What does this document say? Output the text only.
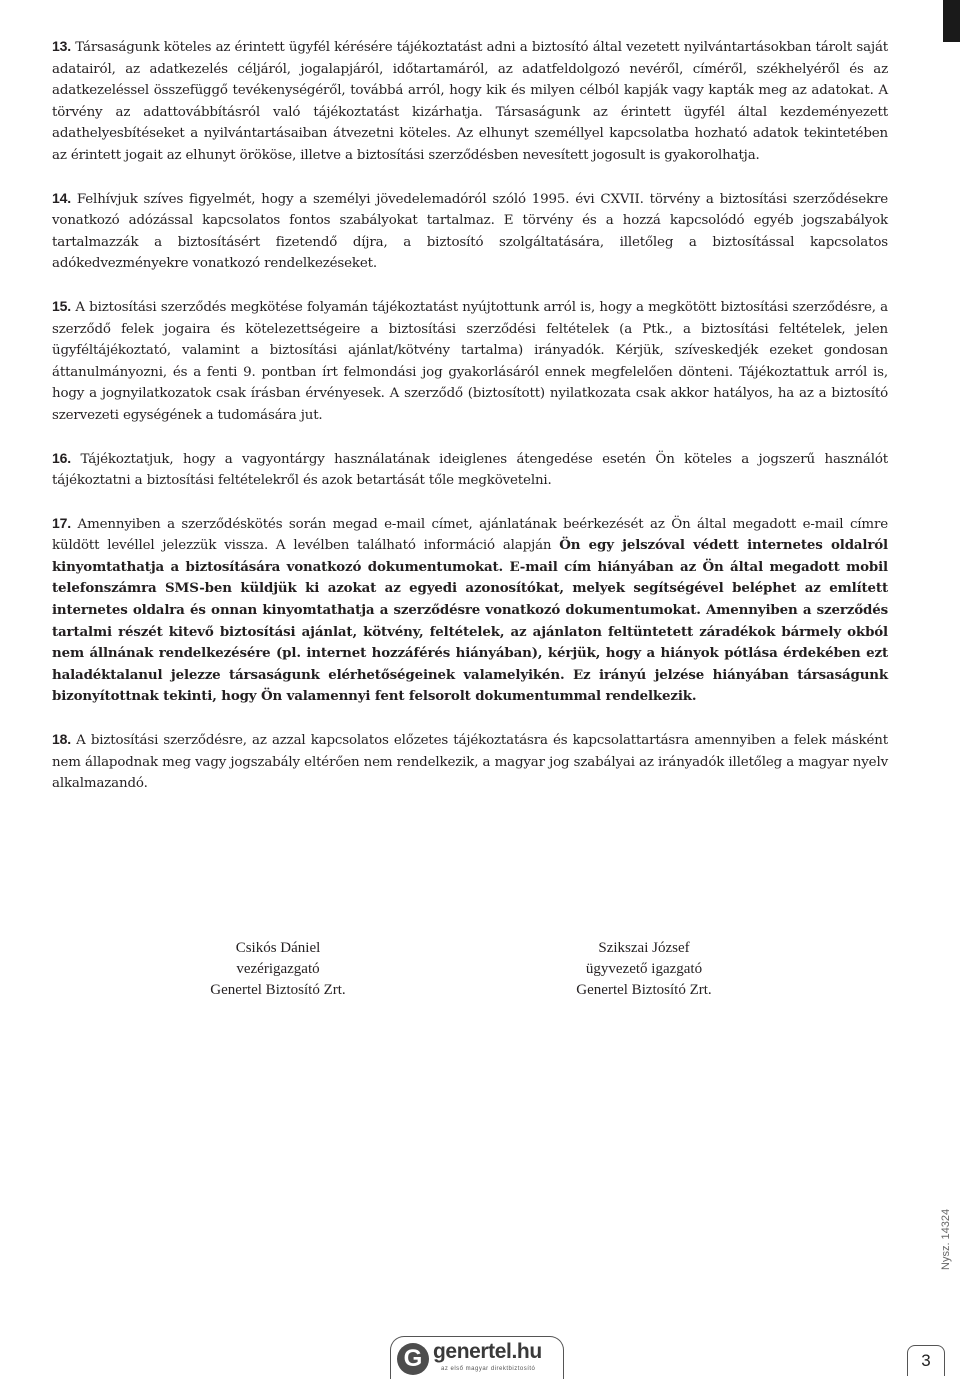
13. Társaságunk köteles az érintett ügyfél kérésére tájékoztatást adni a biztosító által vezetett nyilvántartásokban tárolt saját adatairól, az adatkezelés céljáról, jogalapjáról, időtartamáról, az adatfeldolgozó nevéről, címéről, székhelyéről és az adatkezeléssel összefüggő tevékenységéről, továbbá arról, hogy kik és milyen célból kapják vagy kapták meg az adatokat. A törvény az adattovábbításról való tájékoztatást kizárhatja. Társaságunk az érintett ügyfél által kezdeményezett adathelyesbítéseket a nyilvántartásaiban átvezetni köteles. Az elhunyt személlyel kapcsolatba hozható adatok tekintetében az érintett jogait az elhunyt örököse, illetve a biztosítási szerződésben nevesített jogosult is gyakorolhatja.

14. Felhívjuk szíves figyelmét, hogy a személyi jövedelemadóról szóló 1995. évi CXVII. törvény a biztosítási szerződésekre vonatkozó adózással kapcsolatos fontos szabályokat tartalmaz. E törvény és a hozzá kapcsolódó egyéb jogszabályok tartalmazzák a biztosításért fizetendő díjra, a biztosító szolgáltatására, illetőleg a biztosítással kapcsolatos adókedvezményekre vonatkozó rendelkezéseket.

15. A biztosítási szerződés megkötése folyamán tájékoztatást nyújtottunk arról is, hogy a megkötött biztosítási szerződésre, a szerződő felek jogaira és kötelezettségeire a biztosítási szerződési feltételek (a Ptk., a biztosítási feltételek, jelen ügyféltájékoztató, valamint a biztosítási ajánlat/kötvény tartalma) irányadók. Kérjük, szíveskedjék ezeket gondosan áttanulmányozni, és a fenti 9. pontban írt felmondási jog gyakorlásáról ennek megfelelően dönteni. Tájékoztattuk arról is, hogy a jognyilatkozatok csak írásban érvényesek. A szerződő (biztosított) nyilatkozata csak akkor hatályos, ha az a biztosító szervezeti egységének a tudomására jut.

16. Tájékoztatjuk, hogy a vagyontárgy használatának ideiglenes átengedése esetén Ön köteles a jogszerű használót tájékoztatni a biztosítási feltételekről és azok betartását tőle megkövetelni.

17. Amennyiben a szerződéskötés során megad e-mail címet, ajánlatának beérkezését az Ön által megadott e-mail címre küldött levéllel jelezzük vissza. A levélben található információ alapján Ön egy jelszóval védett internetes oldalról kinyomtathatja a biztosítására vonatkozó dokumentumokat. E-mail cím hiányában az Ön által megadott mobil telefonszámra SMS-ben küldjük ki azokat az egyedi azonosítókat, melyek segítségével beléphet az említett internetes oldalra és onnan kinyomtathatja a szerződésre vonatkozó dokumentumokat. Amennyiben a szerződés tartalmi részét kitevő biztosítási ajánlat, kötvény, feltételek, az ajánlaton feltüntetett záradékok bármely okból nem állnának rendelkezésére (pl. internet hozzáférés hiányában), kérjük, hogy a hiányok pótlása érdekében ezt haladéktalanul jelezze társaságunk elérhetőségeinek valamelyikén. Ez irányú jelzése hiányában társaságunk bizonyítottnak tekinti, hogy Ön valamennyi fent felsorolt dokumentummal rendelkezik.

18. A biztosítási szerződésre, az azzal kapcsolatos előzetes tájékoztatásra és kapcsolattartásra amennyiben a felek másként nem állapodnak meg vagy jogszabály eltérően nem rendelkezik, a magyar jog szabályai az irányadók illetőleg a magyar nyelv alkalmazandó.

Csikós Dániel
vezérigazgató
Genertel Biztosító Zrt.
Szikszai József
ügyvezető igazgató
Genertel Biztosító Zrt.
Nysz. 14324
G genertel.hu
az első magyar direktbiztosító	3
